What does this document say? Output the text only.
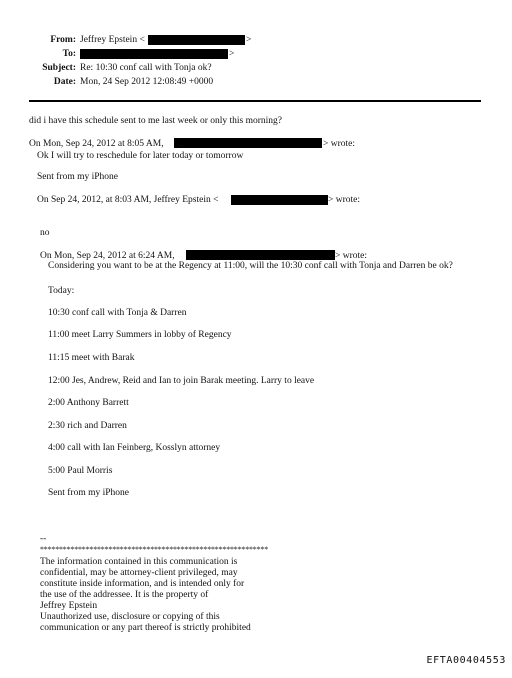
From: Jeffrey Epstein <	>
To:	>
Subject: Re: 10:30 conf call with Tonja ok?
Date: Mon, 24 Sep 2012 12:08:49 +0000
did i have this schedule sent to me last week or only this morning?
On Mon, Sep 24, 2012 at 8:05 AM,	> wrote:
Ok I will try to reschedule for later today or tomorrow
Sent from my iPhone
On Sep 24, 2012, at 8:03 AM, Jeffrey Epstein <	> wrote:
no
On Mon, Sep 24, 2012 at 6:24 AM,	> wrote:
Considering you want to be at the Regency at 11:00, will the 10:30 conf call with Tonja and Darren be ok?
Today:
10:30 conf call with Tonja & Darren
11:00 meet Larry Summers in lobby of Regency
11:15 meet with Barak
12:00 Jes, Andrew, Reid and Ian to join Barak meeting. Larry to leave
2:00 Anthony Barrett
2:30 rich and Darren
4:00 call with Ian Feinberg, Kosslyn attorney
5:00 Paul Morris
Sent from my iPhone
--
************************************************************
The information contained in this communication is
confidential, may be attorney-client privileged, may
constitute inside information, and is intended only for
the use of the addressee. It is the property of
Jeffrey Epstein
Unauthorized use, disclosure or copying of this
communication or any part thereof is strictly prohibited
EFTA00404553
